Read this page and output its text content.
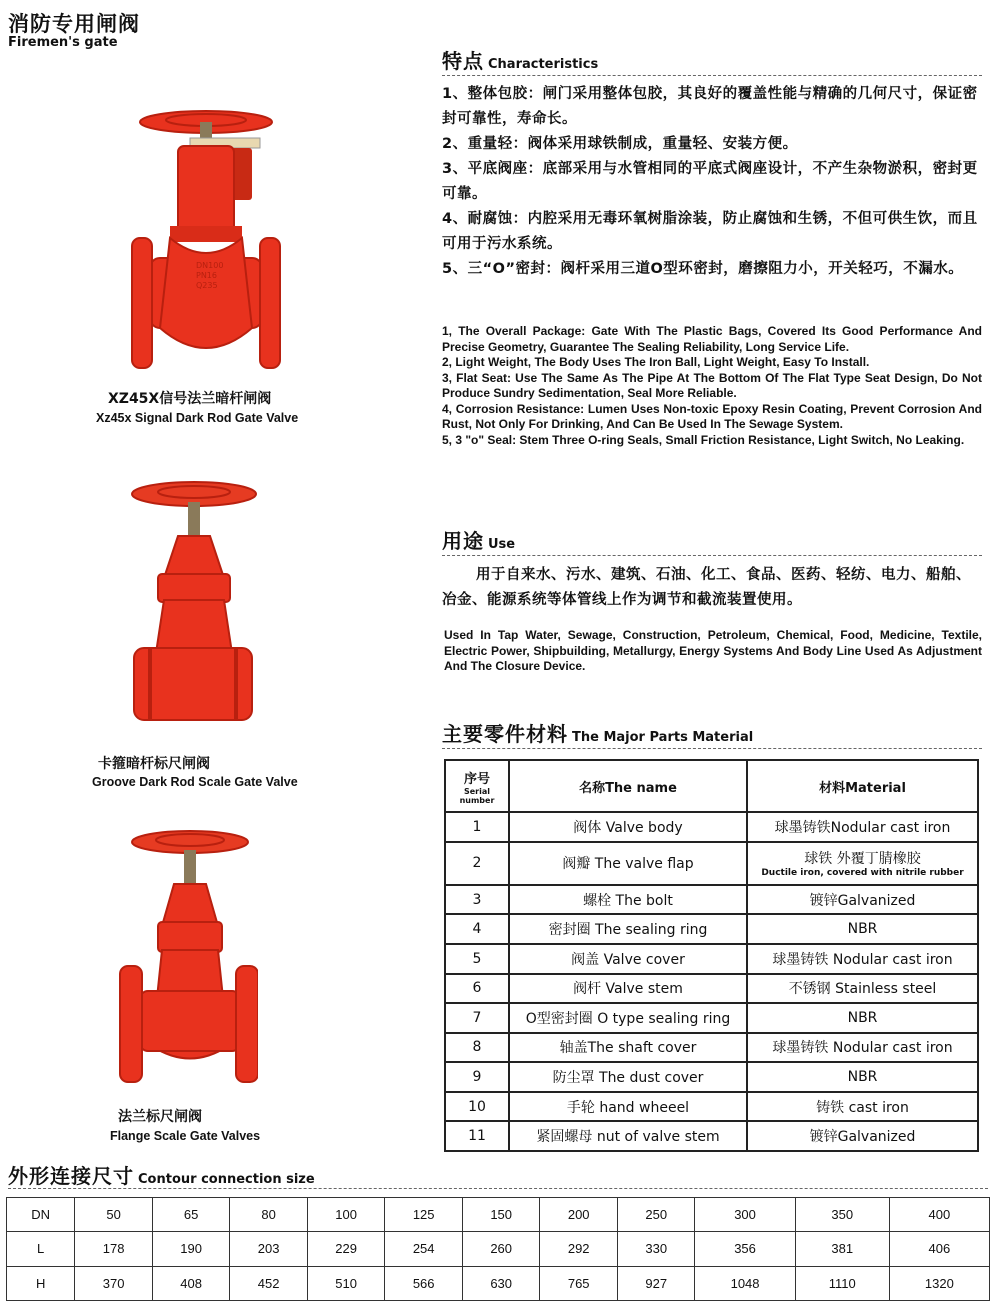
消防专用闸阀
Firemen's gate
DN100
PN16
Q235
XZ45X信号法兰暗杆闸阀
Xz45x Signal Dark Rod Gate Valve
卡箍暗杆标尺闸阀
Groove Dark Rod Scale Gate Valve
法兰标尺闸阀
Flange Scale Gate Valves
特点 Characteristics

1、整体包胶：闸门采用整体包胶，其良好的覆盖性能与精确的几何尺寸，保证密封可靠性，寿命长。

2、重量轻：阀体采用球铁制成，重量轻、安装方便。

3、平底阀座：底部采用与水管相同的平底式阀座设计，不产生杂物淤积，密封更可靠。

4、耐腐蚀：内腔采用无毒环氧树脂涂装，防止腐蚀和生锈，不但可供生饮，而且可用于污水系统。

5、三“O”密封：阀杆采用三道O型环密封，磨擦阻力小，开关轻巧，不漏水。

1, The Overall Package: Gate With The Plastic Bags, Covered Its Good Performance And Precise Geometry, Guarantee The Sealing Reliability, Long Service Life.

2, Light Weight, The Body Uses The Iron Ball, Light Weight, Easy To Install.

3, Flat Seat: Use The Same As The Pipe At The Bottom Of The Flat Type Seat Design, Do Not Produce Sundry Sedimentation, Seal More Reliable.

4, Corrosion Resistance: Lumen Uses Non-toxic Epoxy Resin Coating, Prevent Corrosion And Rust, Not Only For Drinking, And Can Be Used In The Sewage System.

5, 3 "o" Seal: Stem Three O-ring Seals, Small Friction Resistance, Light Switch, No Leaking.

用途 Use

用于自来水、污水、建筑、石油、化工、食品、医药、轻纺、电力、船舶、冶金、能源系统等体管线上作为调节和截流装置使用。

Used In Tap Water, Sewage, Construction, Petroleum, Chemical, Food, Medicine, Textile, Electric Power, Shipbuilding, Metallurgy, Energy Systems And Body Line Used As Adjustment And The Closure Device.

主要零件材料 The Major Parts Material
序号
Serial number	名称The name	材料Material
1	阀体 Valve body	球墨铸铁Nodular cast iron
2	阀瓣 The valve flap	球铁 外覆丁腈橡胶
Ductile iron, covered with nitrile rubber

3	螺栓 The bolt	镀锌Galvanized
4	密封圈 The sealing ring	NBR
5	阀盖 Valve cover	球墨铸铁 Nodular cast iron
6	阀杆 Valve stem	不锈钢 Stainless steel
7	O型密封圈 O type sealing ring	NBR
8	轴盖The shaft cover	球墨铸铁 Nodular cast iron
9	防尘罩 The dust cover	NBR
10	手轮 hand wheeel	铸铁 cast iron
11	紧固螺母 nut of valve stem	镀锌Galvanized
外形连接尺寸 Contour connection size
DN	50	65	80	100	125	150	200	250	300	350	400
L	178	190	203	229	254	260	292	330	356	381	406
H	370	408	452	510	566	630	765	927	1048	1110	1320
